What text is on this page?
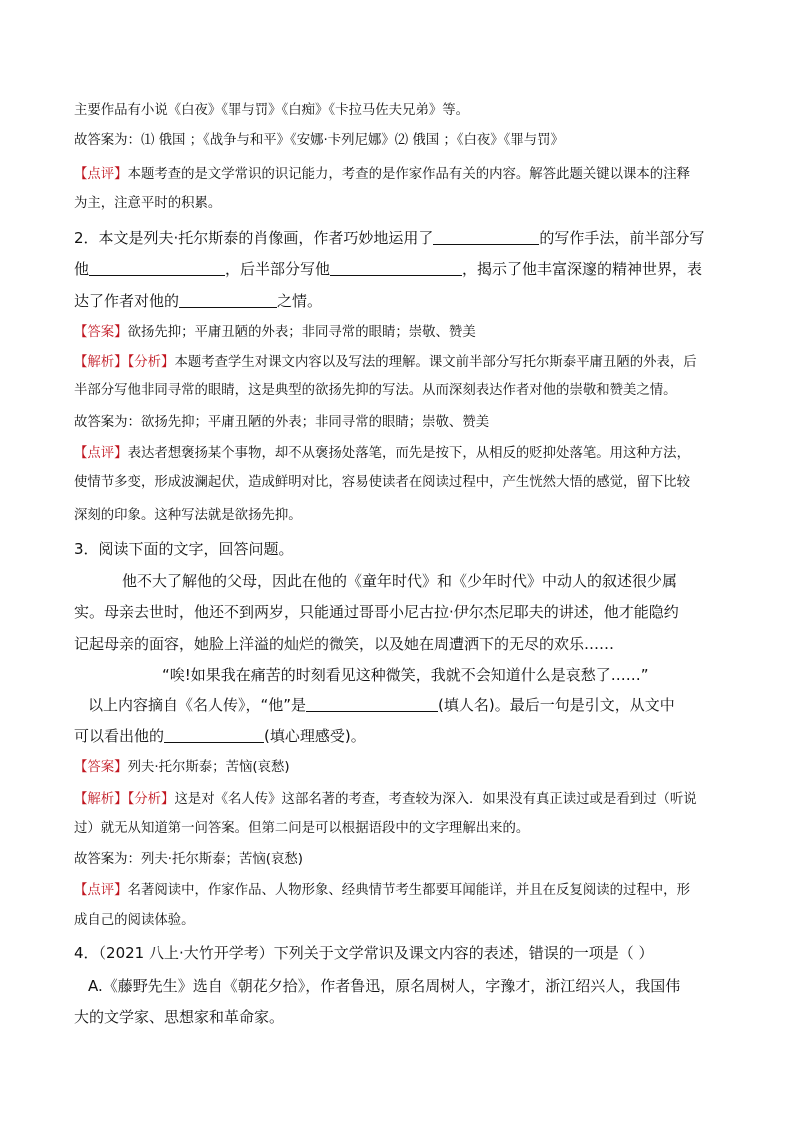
主要作品有小说《白夜》《罪与罚》《白痴》《卡拉马佐夫兄弟》等。
故答案为：⑴ 俄国 ；《战争与和平》《安娜·卡列尼娜》⑵ 俄国 ；《白夜》《罪与罚》
【点评】本题考查的是文学常识的识记能力，考查的是作家作品有关的内容。解答此题关键以课本的注释
为主，注意平时的积累。
2．本文是列夫·托尔斯泰的肖像画，作者巧妙地运用了	的写作手法，前半部分写
他	，后半部分写他	，揭示了他丰富深邃的精神世界，表
达了作者对他的	之情。
【答案】欲扬先抑；平庸丑陋的外表；非同寻常的眼睛；崇敬、赞美
【解析】【分析】本题考查学生对课文内容以及写法的理解。课文前半部分写托尔斯泰平庸丑陋的外表，后
半部分写他非同寻常的眼睛，这是典型的欲扬先抑的写法。从而深刻表达作者对他的崇敬和赞美之情。
故答案为：欲扬先抑；平庸丑陋的外表；非同寻常的眼睛；崇敬、赞美
【点评】表达者想褒扬某个事物，却不从褒扬处落笔，而先是按下，从相反的贬抑处落笔。用这种方法，
使情节多变，形成波澜起伏，造成鲜明对比，容易使读者在阅读过程中，产生恍然大悟的感觉，留下比较
深刻的印象。这种写法就是欲扬先抑。
3．阅读下面的文字，回答问题。
他不大了解他的父母，因此在他的《童年时代》和《少年时代》中动人的叙述很少属
实。母亲去世时，他还不到两岁，只能通过哥哥小尼古拉·伊尔杰尼耶夫的讲述，他才能隐约
记起母亲的面容，她脸上洋溢的灿烂的微笑，以及她在周遭洒下的无尽的欢乐……
“唉!如果我在痛苦的时刻看见这种微笑，我就不会知道什么是哀愁了……”
以上内容摘自《名人传》，“他”是	(填人名)。最后一句是引文，从文中
可以看出他的	(填心理感受)。
【答案】列夫·托尔斯泰；苦恼(哀愁)
【解析】【分析】这是对《名人传》这部名著的考查，考查较为深入．如果没有真正读过或是看到过（听说
过）就无从知道第一问答案。但第二问是可以根据语段中的文字理解出来的。
故答案为：列夫·托尔斯泰；苦恼(哀愁)
【点评】名著阅读中，作家作品、人物形象、经典情节考生都要耳闻能详，并且在反复阅读的过程中，形
成自己的阅读体验。
4．（2021 八上·大竹开学考）下列关于文学常识及课文内容的表述，错误的一项是（ ）
A.《藤野先生》选自《朝花夕拾》，作者鲁迅，原名周树人，字豫才，浙江绍兴人，我国伟
大的文学家、思想家和革命家。
